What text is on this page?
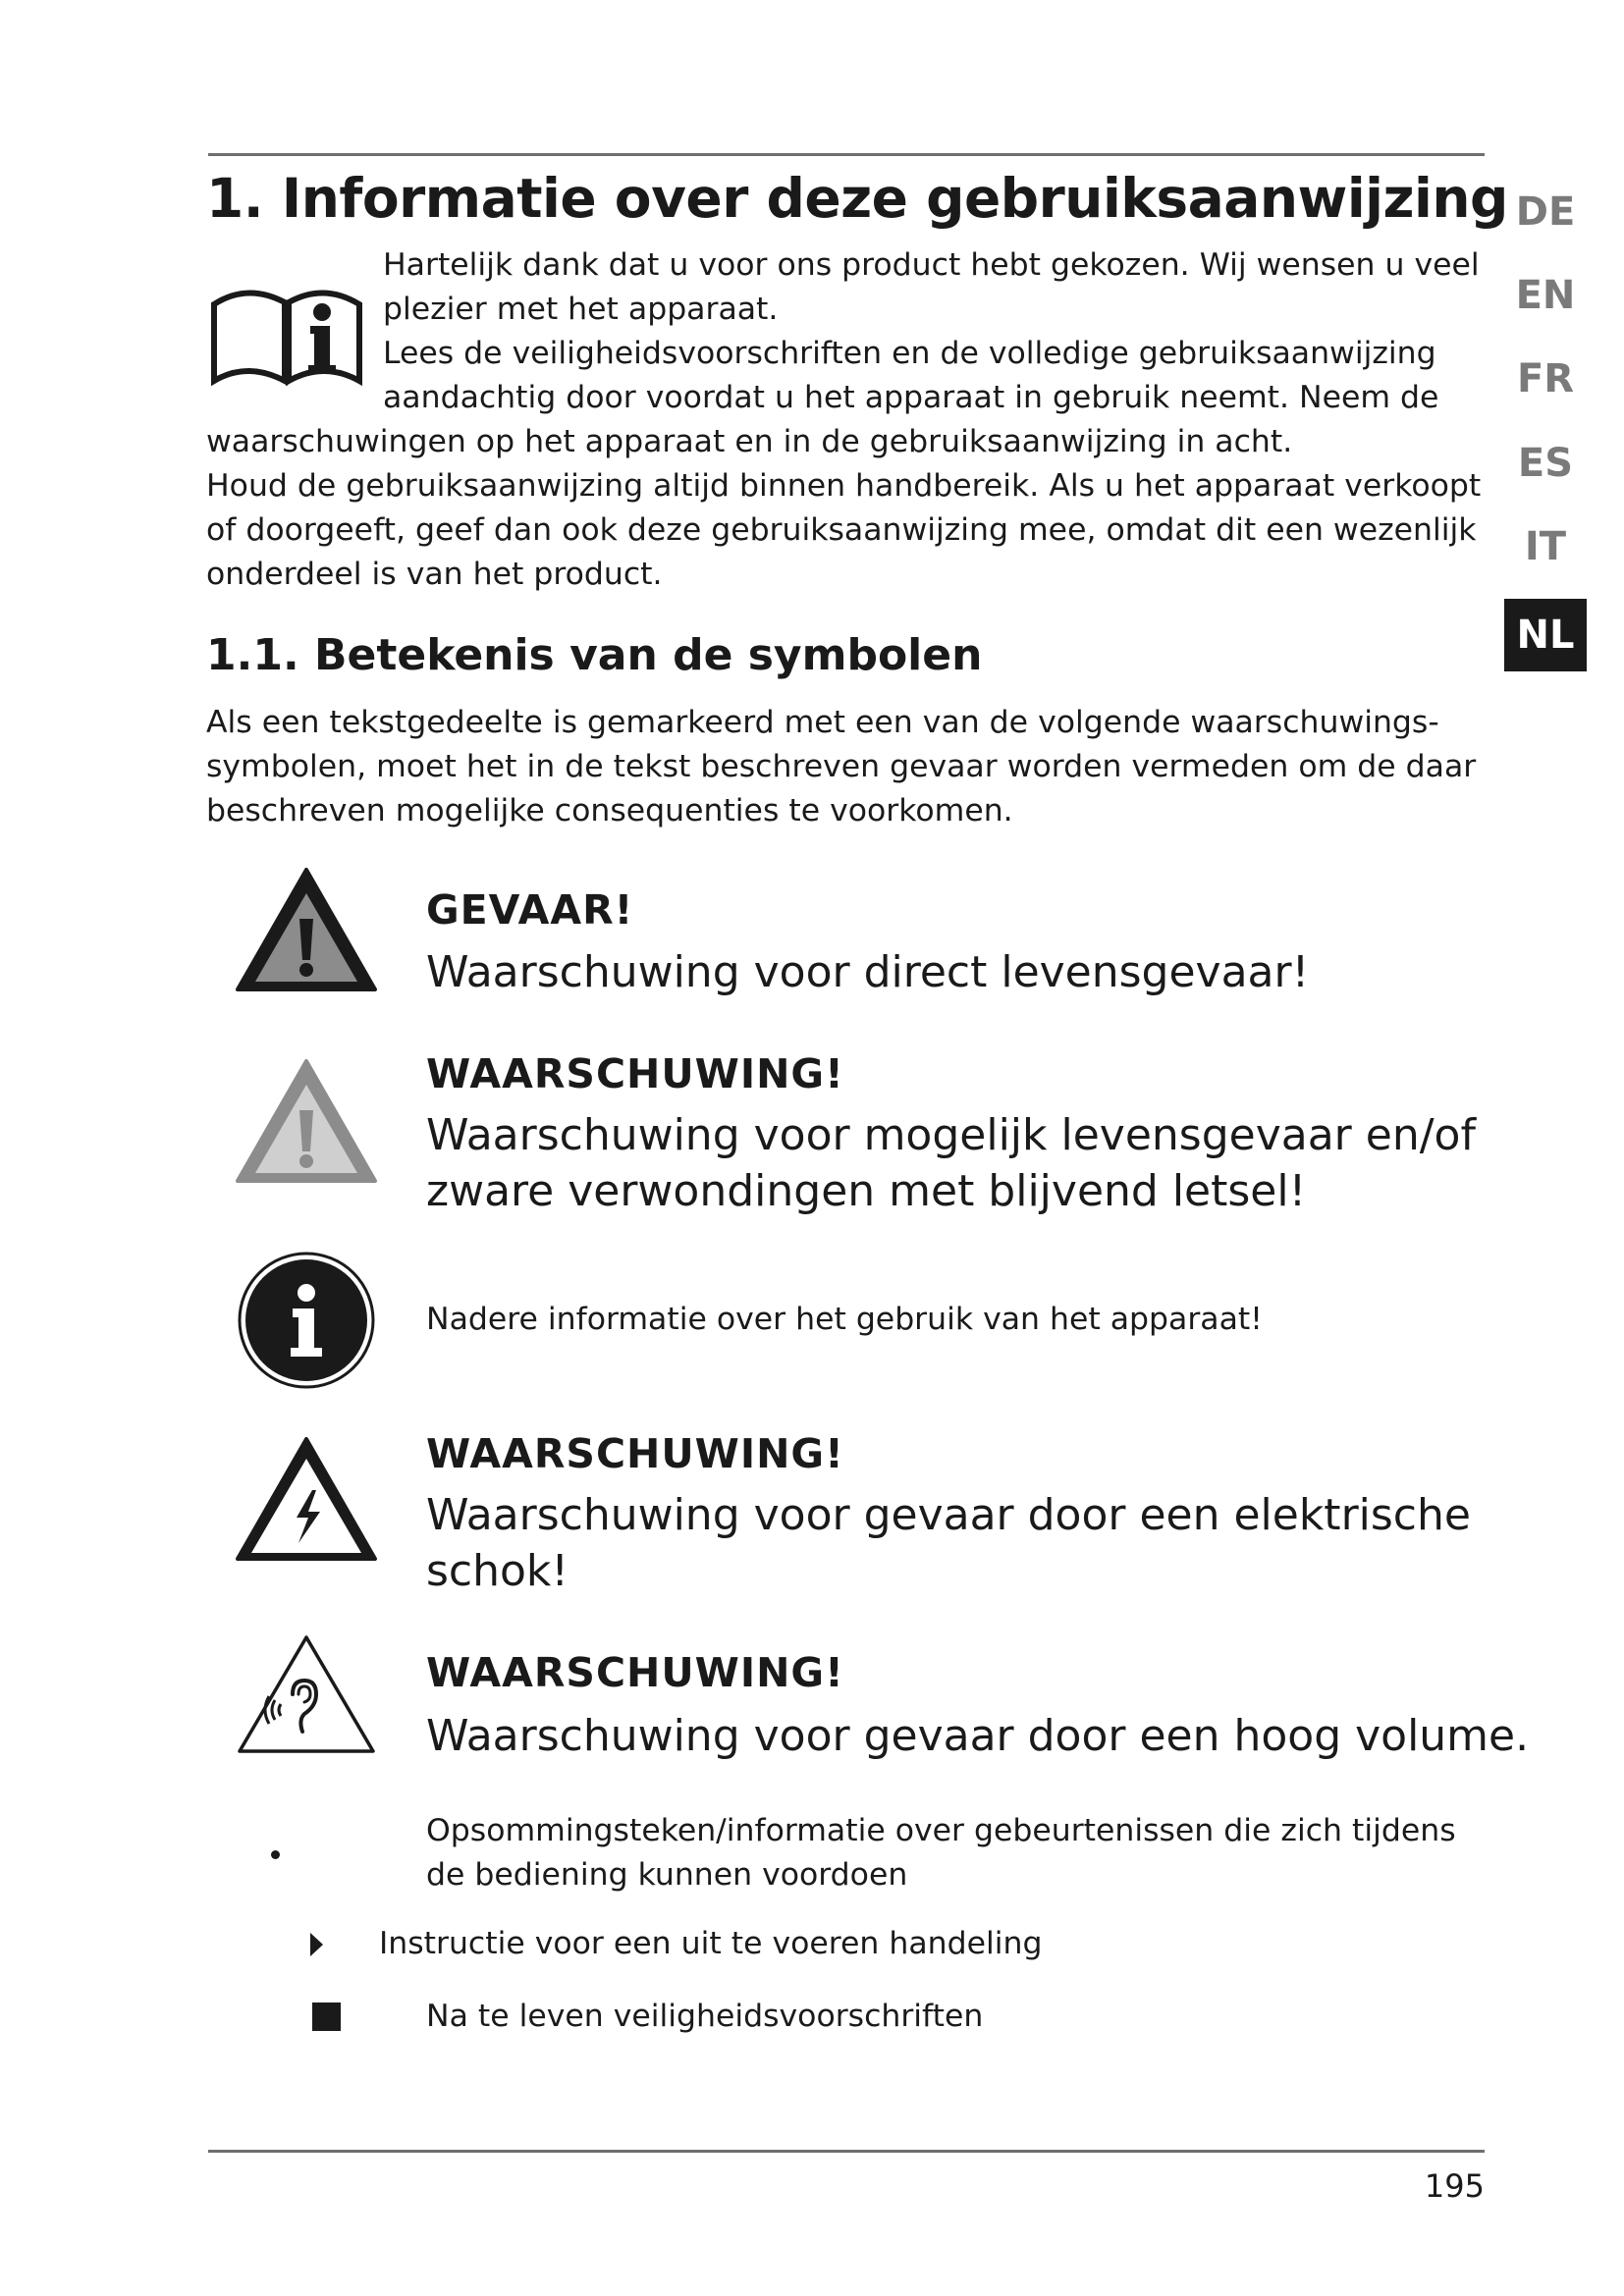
1. Informatie over deze gebruiksaanwijzing
Hartelijk dank dat u voor ons product hebt gekozen. Wij wensen u veel
plezier met het apparaat.
Lees de veiligheidsvoorschriften en de volledige gebruiksaanwijzing
aandachtig door voordat u het apparaat in gebruik neemt. Neem de
waarschuwingen op het apparaat en in de gebruiksaanwijzing in acht.
Houd de gebruiksaanwijzing altijd binnen handbereik. Als u het apparaat verkoopt
of doorgeeft, geef dan ook deze gebruiksaanwijzing mee, omdat dit een wezenlijk
onderdeel is van het product.
1.1. Betekenis van de symbolen
Als een tekstgedeelte is gemarkeerd met een van de volgende waarschuwings-
symbolen, moet het in de tekst beschreven gevaar worden vermeden om de daar
beschreven mogelijke consequenties te voorkomen.
DE
EN
FR
ES
IT
NL
GEVAAR!
Waarschuwing voor direct levensgevaar!
WAARSCHUWING!
Waarschuwing voor mogelijk levensgevaar en/of
zware verwondingen met blijvend letsel!
Nadere informatie over het gebruik van het apparaat!
WAARSCHUWING!
Waarschuwing voor gevaar door een elektrische
schok!
WAARSCHUWING!
Waarschuwing voor gevaar door een hoog volume.
Opsommingsteken/informatie over gebeurtenissen die zich tijdens
de bediening kunnen voordoen
Instructie voor een uit te voeren handeling
Na te leven veiligheidsvoorschriften
195
